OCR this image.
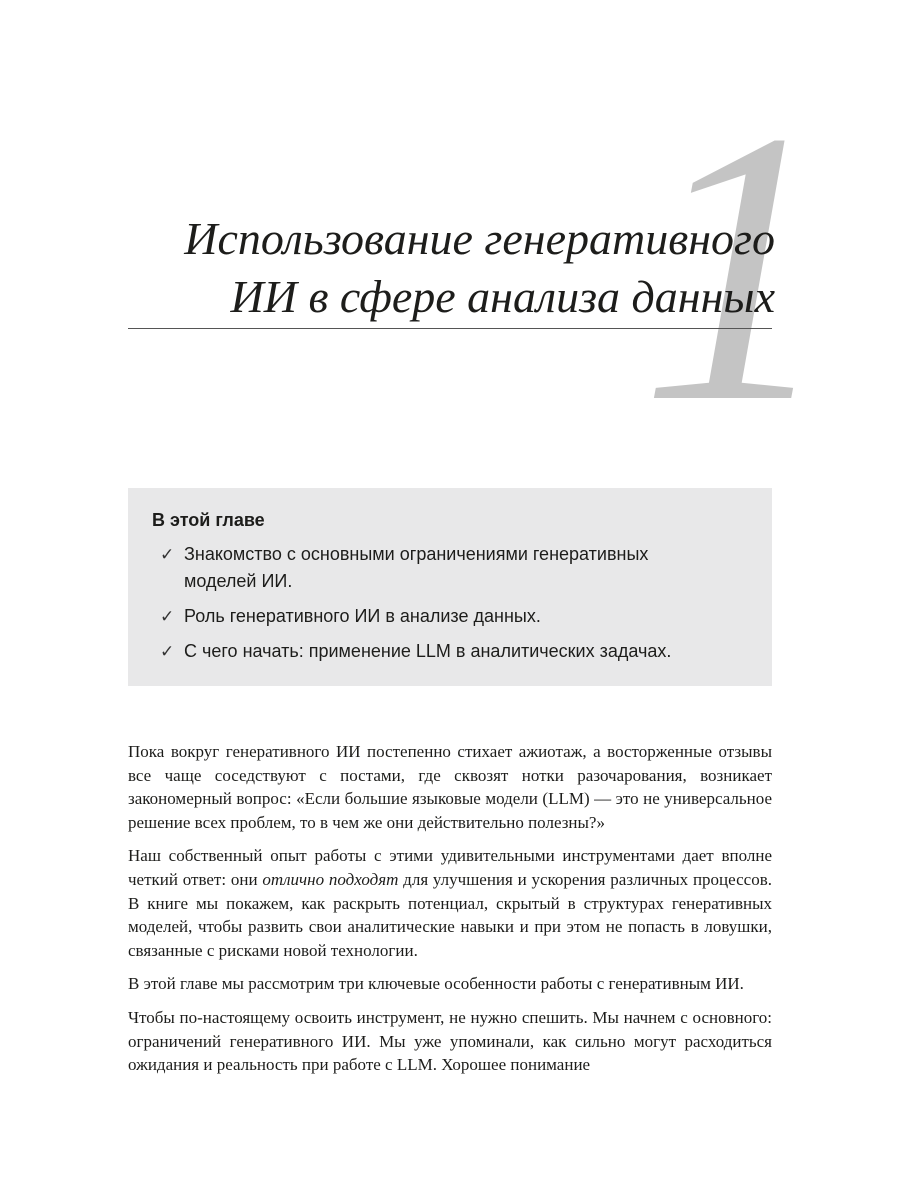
1
Использование генеративного
ИИ в сфере анализа данных

В этой главе

✓ Знакомство с основными ограничениями генеративных моделей ИИ.
✓ Роль генеративного ИИ в анализе данных.
✓ С чего начать: применение LLM в аналитических задачах.

Пока вокруг генеративного ИИ постепенно стихает ажиотаж, а восторженные отзывы все чаще соседствуют с постами, где сквозят нотки разочарования, возникает закономерный вопрос: «Если большие языковые модели (LLM) — это не универсальное решение всех проблем, то в чем же они действительно полезны?»

Наш собственный опыт работы с этими удивительными инструментами дает вполне четкий ответ: они отлично подходят для улучшения и ускорения различных процессов. В книге мы покажем, как раскрыть потенциал, скрытый в структурах генеративных моделей, чтобы развить свои аналитические навыки и при этом не попасть в ловушки, связанные с рисками новой технологии.

В этой главе мы рассмотрим три ключевые особенности работы с генеративным ИИ.

Чтобы по-настоящему освоить инструмент, не нужно спешить. Мы начнем с основного: ограничений генеративного ИИ. Мы уже упоминали, как сильно могут расходиться ожидания и реальность при работе с LLM. Хорошее понимание
